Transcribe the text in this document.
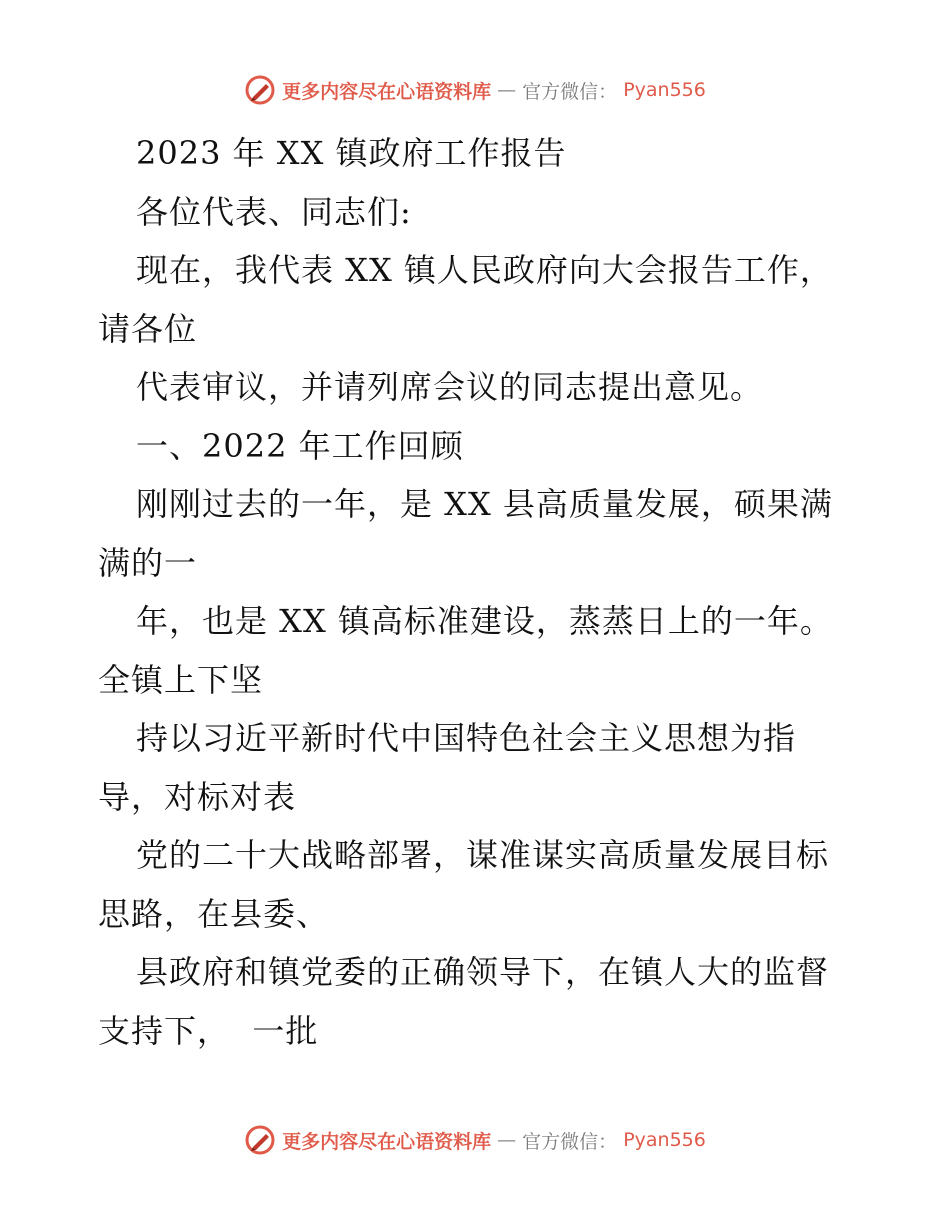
更多内容尽在心语资料库 — 官方微信： Pyan556
2023 年 XX 镇政府工作报告
各位代表、同志们:
现在，我代表 XX 镇人民政府向大会报告工作，
请各位
代表审议，并请列席会议的同志提出意见。
一、2022 年工作回顾
刚刚过去的一年，是 XX 县高质量发展，硕果满
满的一
年，也是 XX 镇高标准建设，蒸蒸日上的一年。
全镇上下坚
持以习近平新时代中国特色社会主义思想为指
导，对标对表
党的二十大战略部署，谋准谋实高质量发展目标
思路，在县委、
县政府和镇党委的正确领导下，在镇人大的监督
支持下，  一批
更多内容尽在心语资料库 — 官方微信： Pyan556
